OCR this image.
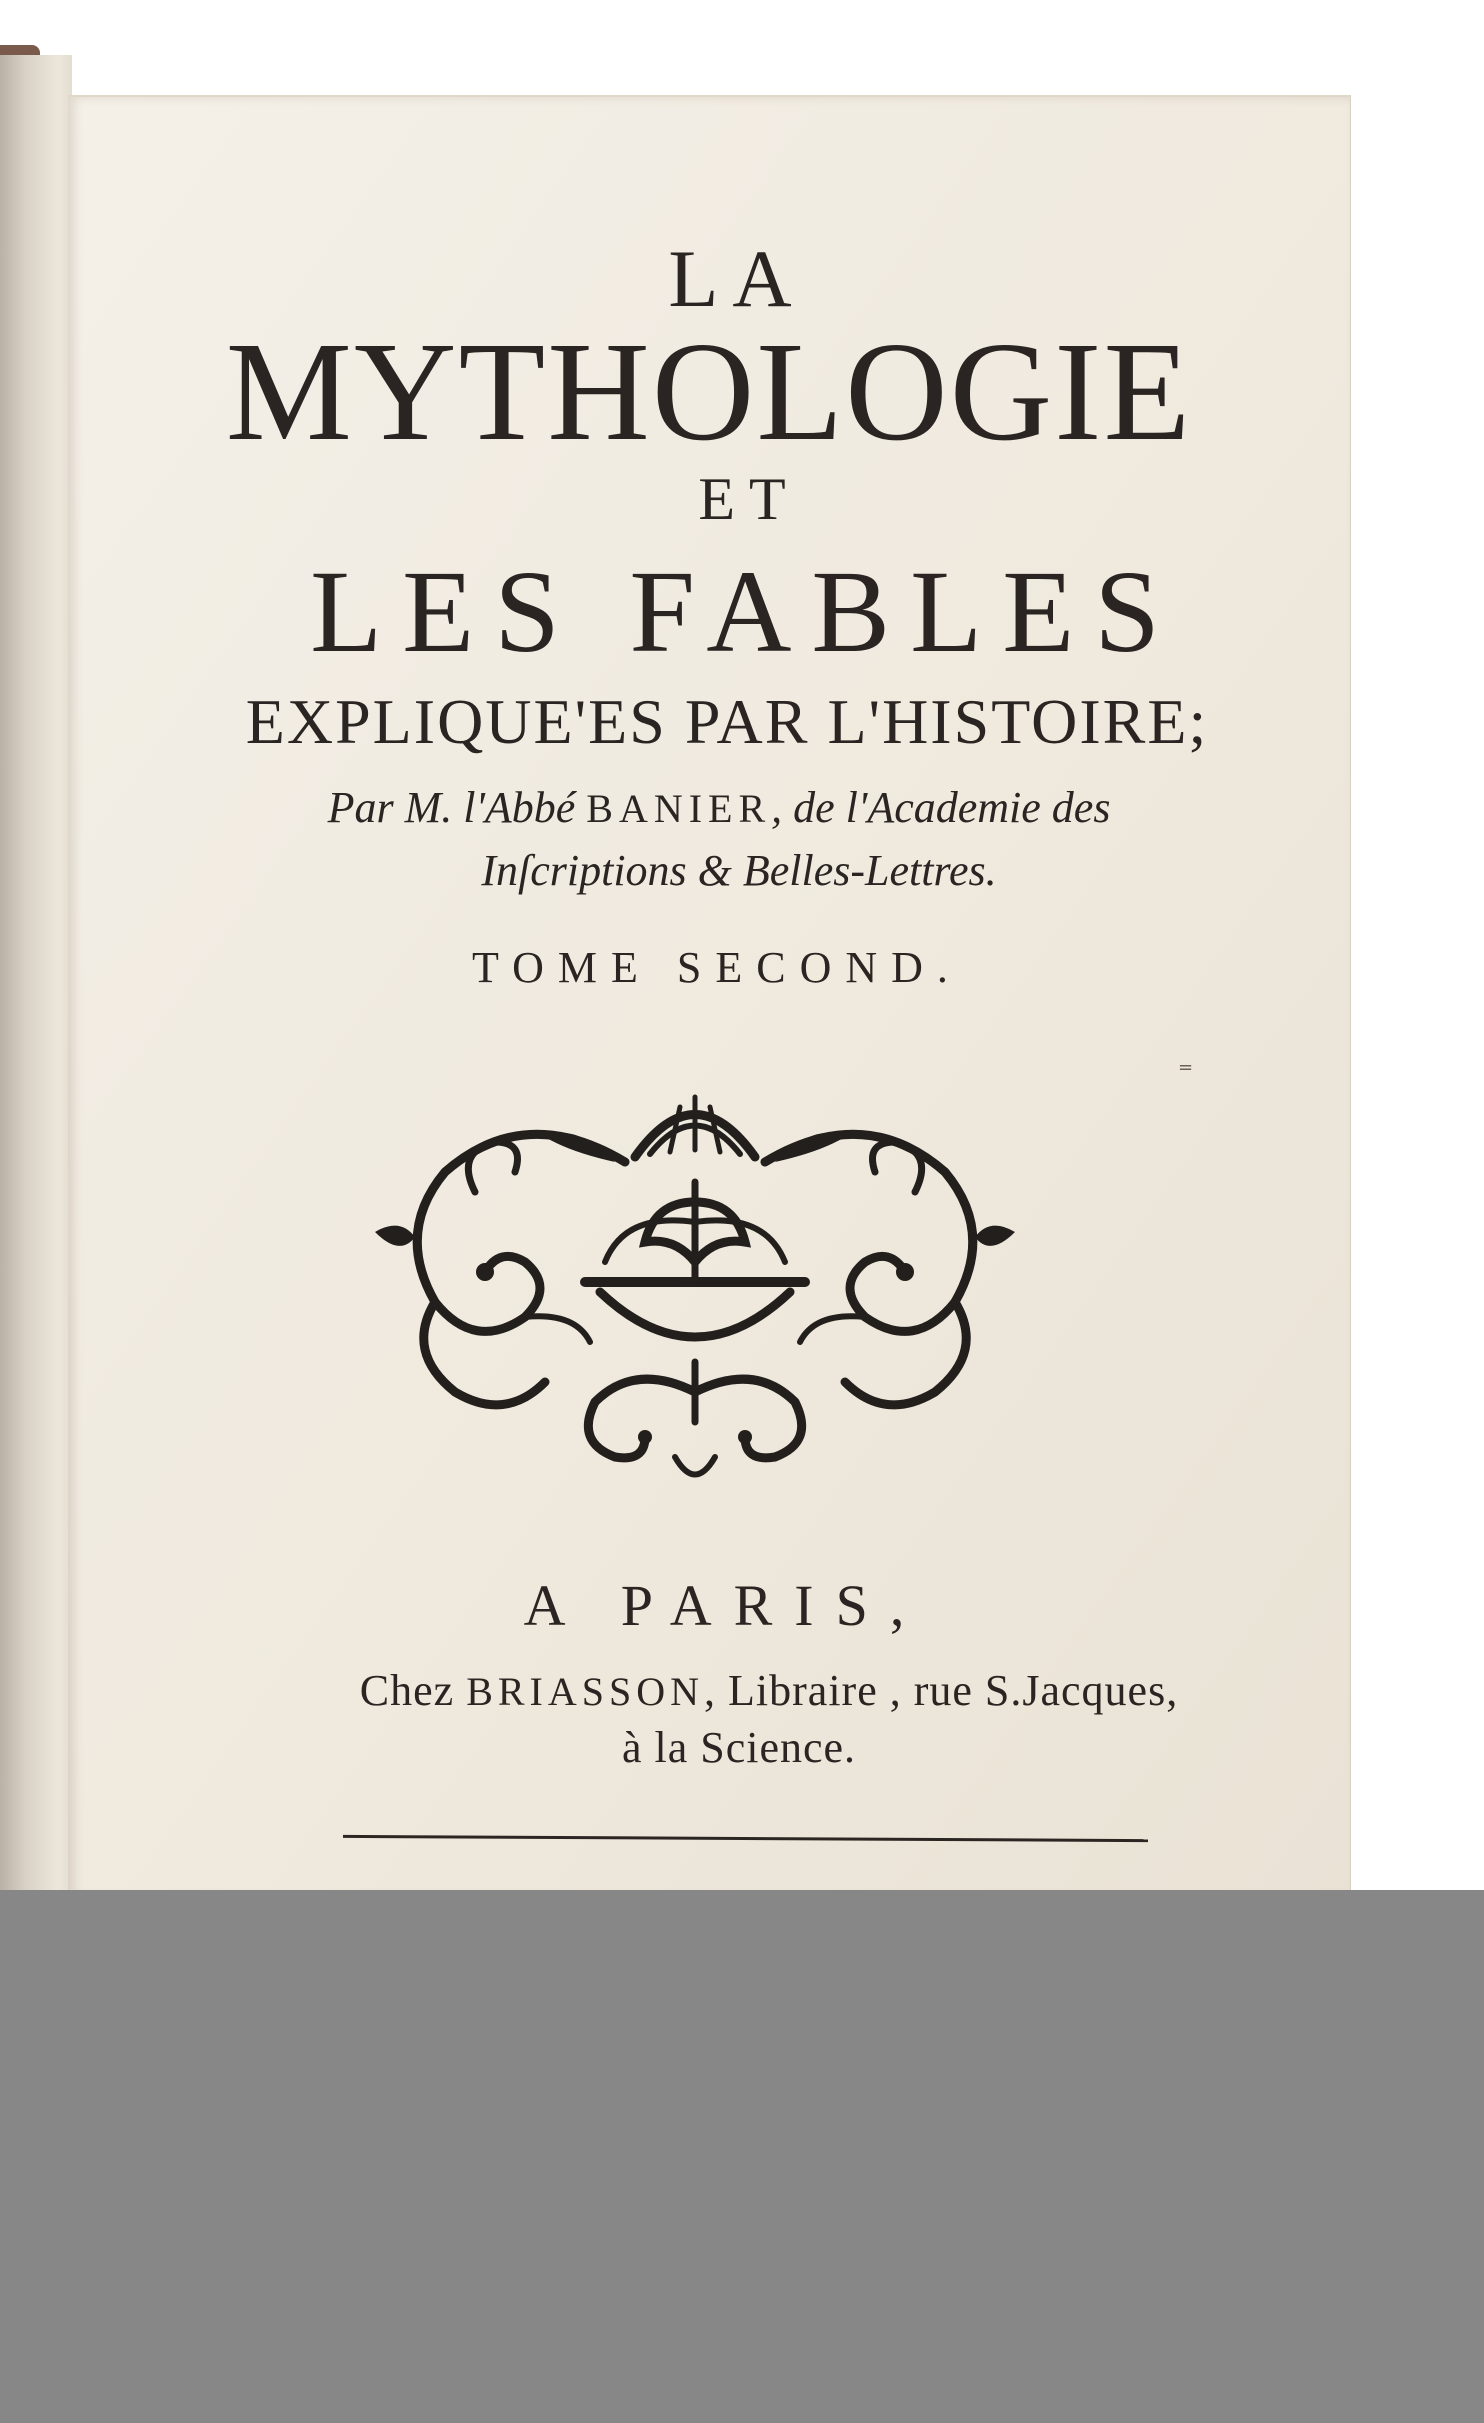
LA
MYTHOLOGIE
ET
LES FABLES
EXPLIQUE'ES PAR L'HISTOIRE;
Par M. l'Abbé BANIER, de l'Academie des
Inſcriptions & Belles-Lettres.
TOME SECOND.
=
A PARIS,
Chez BRIASSON, Libraire , rue S.Jacques,
à la Science.
